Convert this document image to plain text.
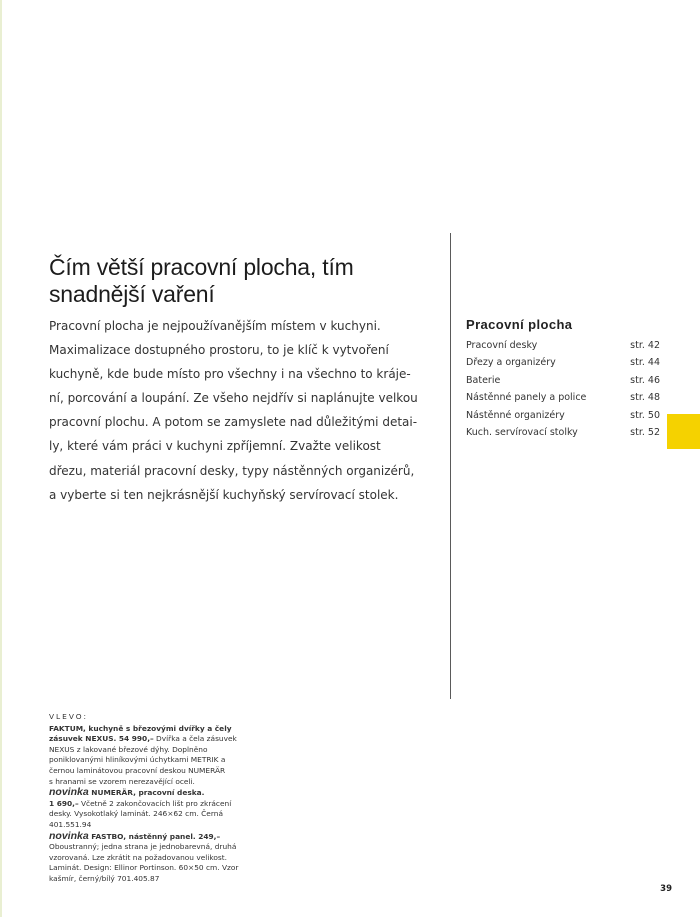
Čím větší pracovní plocha, tím
snadnější vaření
Pracovní plocha je nejpoužívanějším místem v kuchyni.
Maximalizace dostupného prostoru, to je klíč k vytvoření
kuchyně, kde bude místo pro všechny i na všechno to kráje-
ní, porcování a loupání. Ze všeho nejdřív si naplánujte velkou
pracovní plochu. A potom se zamyslete nad důležitými detai-
ly, které vám práci v kuchyni zpříjemní. Zvažte velikost
dřezu, materiál pracovní desky, typy nástěnných organizérů,
a vyberte si ten nejkrásnější kuchyňský servírovací stolek.
Pracovní plocha
Pracovní desky	str. 42
Dřezy a organizéry	str. 44
Baterie	str. 46
Nástěnné panely a police	str. 48
Nástěnné organizéry	str. 50
Kuch. servírovací stolky	str. 52
VLEVO:
FAKTUM, kuchyně s březovými dvířky a čely
zásuvek NEXUS. 54 990,– Dvířka a čela zásuvek
NEXUS z lakované březové dýhy. Doplněno
poniklovanými hliníkovými úchytkami METRIK a
černou laminátovou pracovní deskou NUMERÄR
s hranami se vzorem nerezavějící oceli.
novinka NUMERÄR, pracovní deska.
1 690,– Včetně 2 zakončovacích lišt pro zkrácení
desky. Vysokotlaký laminát. 246×62 cm. Černá
401.551.94
novinka FASTBO, nástěnný panel. 249,–
Oboustranný; jedna strana je jednobarevná, druhá
vzorovaná. Lze zkrátit na požadovanou velikost.
Laminát. Design: Ellinor Portinson. 60×50 cm. Vzor
kašmír, černý/bílý 701.405.87
39
